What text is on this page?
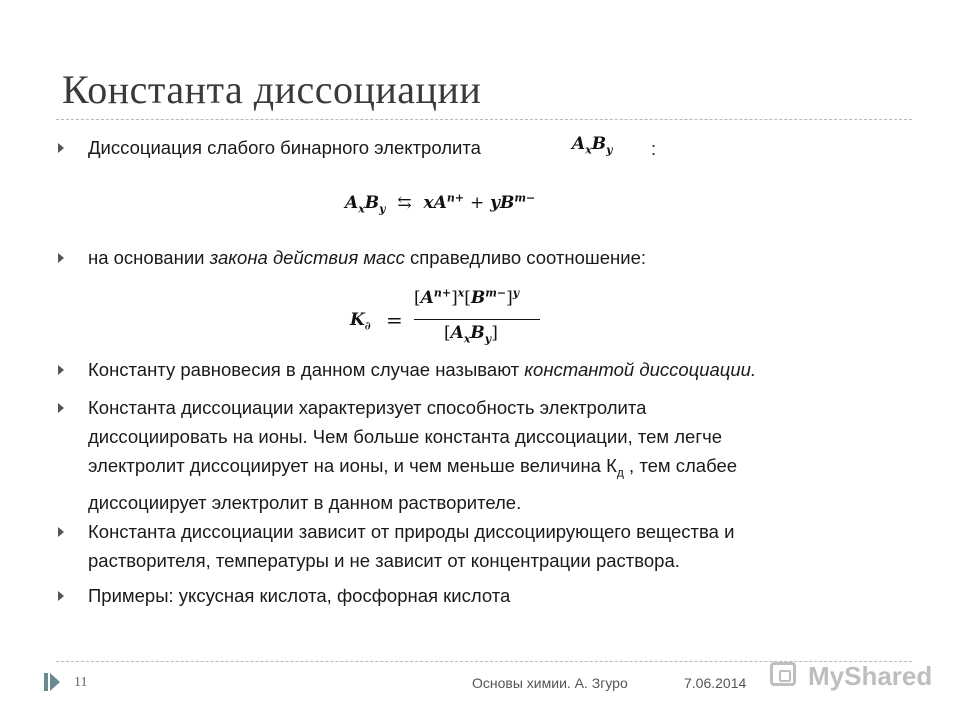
Константа диссоциации
Диссоциация слабого бинарного электролита	$A_xB_y$ :
$A_xB_y$ ⇆ $xA^{n+} + yB^{m-}$
на основании закона действия масс справедливо соотношение:
$K_\partial$ =
$[A^{n+}]^x[B^{m-}]^y$
$[A_xB_y]$
Константу равновесия в данном случае называют константой диссоциации.
Константа диссоциации характеризует способность электролита
диссоциировать на ионы. Чем больше константа диссоциации, тем легче
электролит диссоциирует на ионы, и чем меньше величина $К_д$ , тем слабее
диссоциирует электролит в данном растворителе.
Константа диссоциации зависит от природы диссоциирующего вещества и
растворителя, температуры и не зависит от концентрации раствора.
Примеры: уксусная кислота, фосфорная кислота
11	Основы химии. А. Згуро	7.06.2014 MyShared
